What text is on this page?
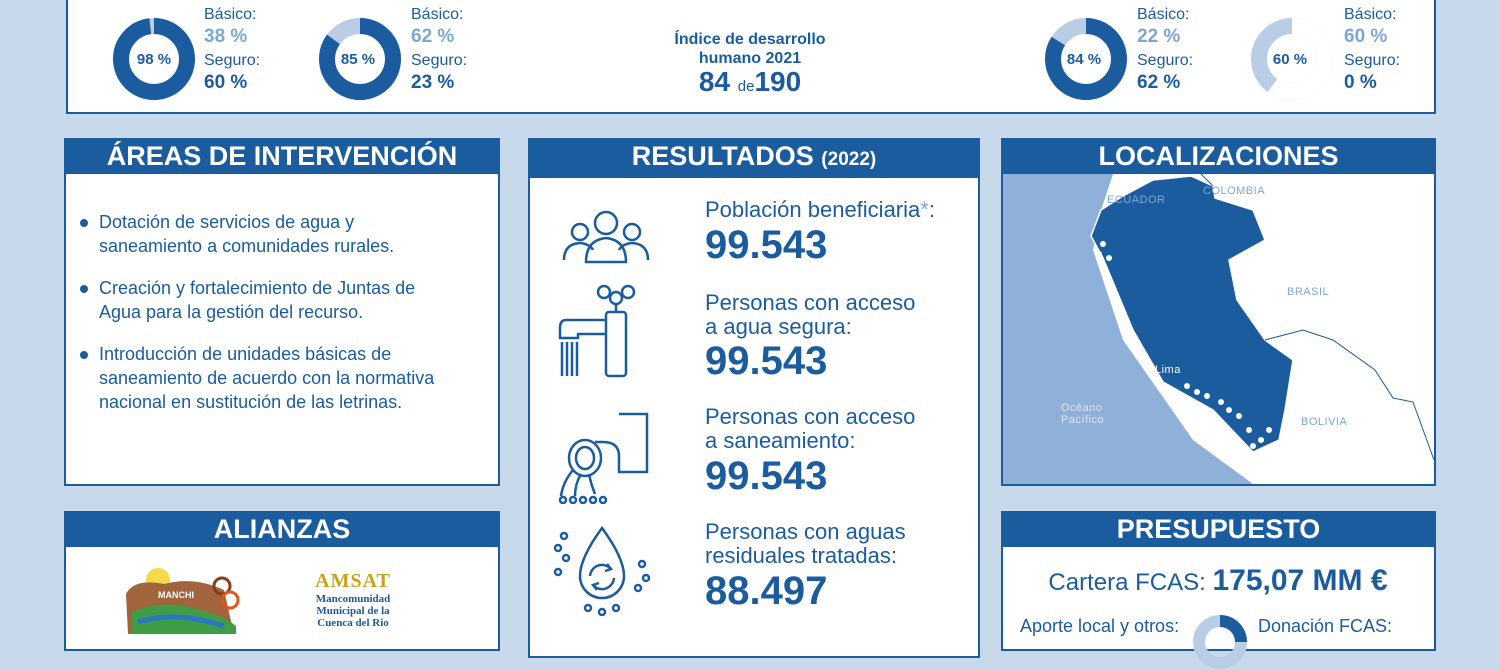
98 %
Básico:
38 %
Seguro:
60 %
85 %
Básico:
62 %
Seguro:
23 %
Índice de desarrollo
humano 2021
84 de190
84 %
Básico:
22 %
Seguro:
62 %
60 %
Básico:
60 %
Seguro:
0 %
ÁREAS DE INTERVENCIÓN
Dotación de servicios de agua y
saneamiento a comunidades rurales.
Creación y fortalecimiento de Juntas de
Agua para la gestión del recurso.
Introducción de unidades básicas de
saneamiento de acuerdo con la normativa
nacional en sustitución de las letrinas.
ALIANZAS
MANCHI
AMSAT
Mancomunidad
Municipal de la
Cuenca del Río
RESULTADOS (2022)
Población beneficiaria*:
99.543
Personas con acceso
a agua segura:
99.543
Personas con acceso
a saneamiento:
99.543
Personas con aguas
residuales tratadas:
88.497
ECUADOR
COLOMBIA
BRASIL
Lima
Océano
Pacífico	BOLIVIA
LOCALIZACIONES
PRESUPUESTO
Cartera FCAS: 175,07 MM €
Aporte local y otros:	Donación FCAS:
